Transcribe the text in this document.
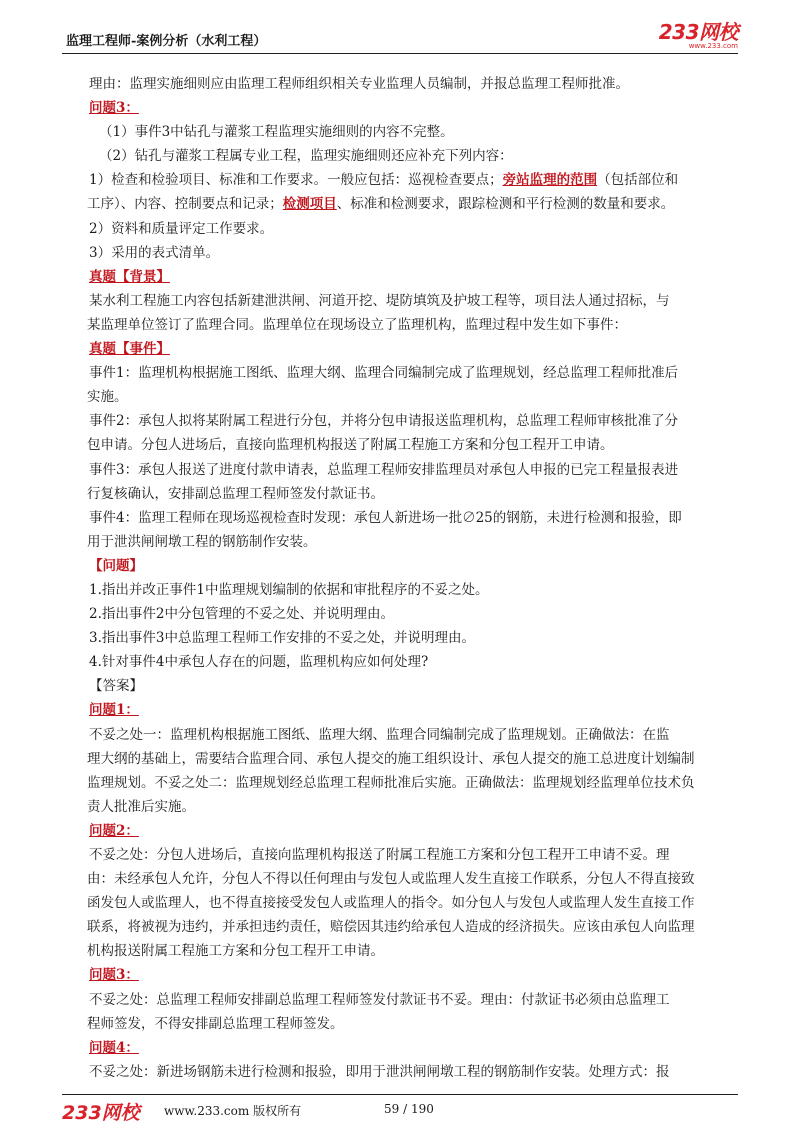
监理工程师-案例分析（水利工程）	233网校
www.233.com
理由：监理实施细则应由监理工程师组织相关专业监理人员编制，并报总监理工程师批准。
问题3：
（1）事件3中钻孔与灌浆工程监理实施细则的内容不完整。
（2）钻孔与灌浆工程属专业工程，监理实施细则还应补充下列内容：
1）检查和检验项目、标准和工作要求。一般应包括：巡视检查要点；旁站监理的范围（包括部位和
工序）、内容、控制要点和记录；检测项目、标准和检测要求，跟踪检测和平行检测的数量和要求。
2）资料和质量评定工作要求。
3）采用的表式清单。
真题【背景】
某水利工程施工内容包括新建泄洪闸、河道开挖、堤防填筑及护坡工程等，项目法人通过招标，与
某监理单位签订了监理合同。监理单位在现场设立了监理机构，监理过程中发生如下事件：
真题【事件】
事件1：监理机构根据施工图纸、监理大纲、监理合同编制完成了监理规划，经总监理工程师批准后
实施。
事件2：承包人拟将某附属工程进行分包，并将分包申请报送监理机构，总监理工程师审核批准了分
包申请。分包人进场后，直接向监理机构报送了附属工程施工方案和分包工程开工申请。
事件3：承包人报送了进度付款申请表，总监理工程师安排监理员对承包人申报的已完工程量报表进
行复核确认，安排副总监理工程师签发付款证书。
事件4：监理工程师在现场巡视检查时发现：承包人新进场一批∅25的钢筋，未进行检测和报验，即
用于泄洪闸闸墩工程的钢筋制作安装。
【问题】
1.指出并改正事件1中监理规划编制的依据和审批程序的不妥之处。
2.指出事件2中分包管理的不妥之处、并说明理由。
3.指出事件3中总监理工程师工作安排的不妥之处，并说明理由。
4.针对事件4中承包人存在的问题，监理机构应如何处理?
【答案】
问题1：
不妥之处一：监理机构根据施工图纸、监理大纲、监理合同编制完成了监理规划。正确做法：在监
理大纲的基础上，需要结合监理合同、承包人提交的施工组织设计、承包人提交的施工总进度计划编制
监理规划。不妥之处二：监理规划经总监理工程师批准后实施。正确做法：监理规划经监理单位技术负
责人批准后实施。
问题2：
不妥之处：分包人进场后，直接向监理机构报送了附属工程施工方案和分包工程开工申请不妥。理
由：未经承包人允许，分包人不得以任何理由与发包人或监理人发生直接工作联系，分包人不得直接致
函发包人或监理人，也不得直接接受发包人或监理人的指令。如分包人与发包人或监理人发生直接工作
联系，将被视为违约，并承担违约责任，赔偿因其违约给承包人造成的经济损失。应该由承包人向监理
机构报送附属工程施工方案和分包工程开工申请。
问题3：
不妥之处：总监理工程师安排副总监理工程师签发付款证书不妥。理由：付款证书必须由总监理工
程师签发，不得安排副总监理工程师签发。
问题4：
不妥之处：新进场钢筋未进行检测和报验，即用于泄洪闸闸墩工程的钢筋制作安装。处理方式：报
233网校 www.233.com 版权所有	59 / 190
